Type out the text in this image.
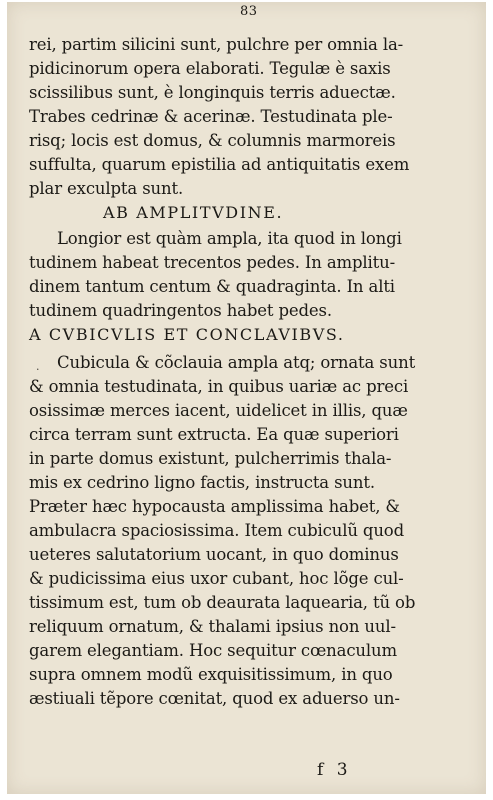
83
rei, partim silicini sunt, pulchre per omnia la-
pidicinorum opera elaborati. Tegulæ è saxis
scissilibus sunt, è longinquis terris aduectæ.
Trabes cedrinæ & acerinæ. Testudinata ple-
risq; locis est domus, & columnis marmoreis
suffulta, quarum epistilia ad antiquitatis exem
plar exculpta sunt.
AB AMPLITVDINE.
Longior est quàm ampla, ita quod in longi
tudinem habeat trecentos pedes. In amplitu-
dinem tantum centum & quadraginta. In alti
tudinem quadringentos habet pedes.
A CVBICVLIS ET CONCLAVIBVS.
· Cubicula & cõclauia ampla atq; ornata sunt
& omnia testudinata, in quibus uariæ ac preci
osissimæ merces iacent, uidelicet in illis, quæ
circa terram sunt extructa. Ea quæ superiori
in parte domus existunt, pulcherrimis thala-
mis ex cedrino ligno factis, instructa sunt.
Præter hæc hypocausta amplissima habet, &
ambulacra spaciosissima. Item cubiculũ quod
ueteres salutatorium uocant, in quo dominus
& pudicissima eius uxor cubant, hoc lõge cul-
tissimum est, tum ob deaurata laquearia, tũ ob
reliquum ornatum, & thalami ipsius non uul-
garem elegantiam. Hoc sequitur cœnaculum
supra omnem modũ exquisitissimum, in quo
æstiuali tẽpore cœnitat, quod ex aduerso un-
f 3
